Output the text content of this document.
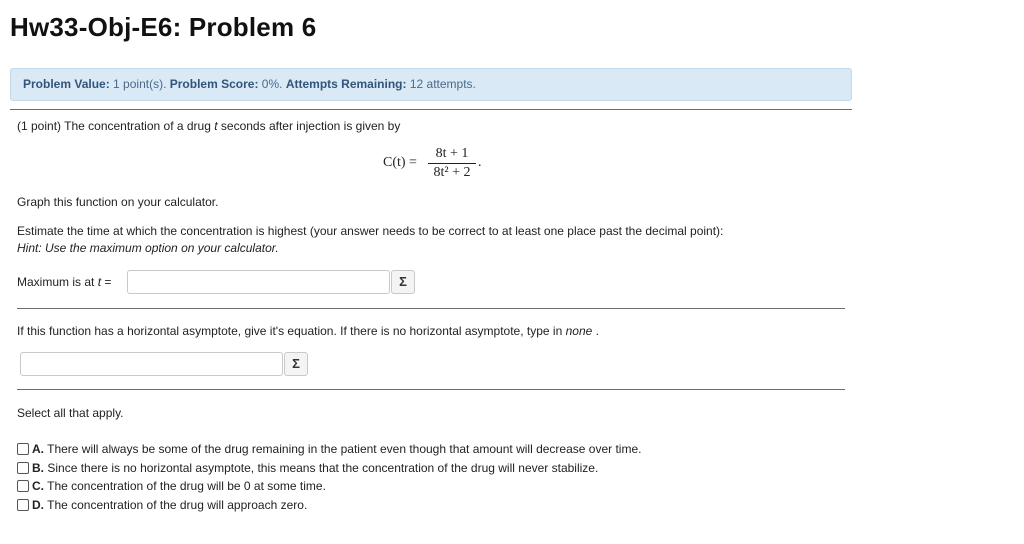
Hw33-Obj-E6: Problem 6
Problem Value: 1 point(s). Problem Score: 0%. Attempts Remaining: 12 attempts.
(1 point) The concentration of a drug t seconds after injection is given by
C(t) =
8t + 1
8t² + 2
.
Graph this function on your calculator.
Estimate the time at which the concentration is highest (your answer needs to be correct to at least one place past the decimal point):
Hint: Use the maximum option on your calculator.
Maximum is at t =	Σ
If this function has a horizontal asymptote, give it's equation. If there is no horizontal asymptote, type in none .
Σ
Select all that apply.
A. There will always be some of the drug remaining in the patient even though that amount will decrease over time.
B. Since there is no horizontal asymptote, this means that the concentration of the drug will never stabilize.
C. The concentration of the drug will be 0 at some time.
D. The concentration of the drug will approach zero.
